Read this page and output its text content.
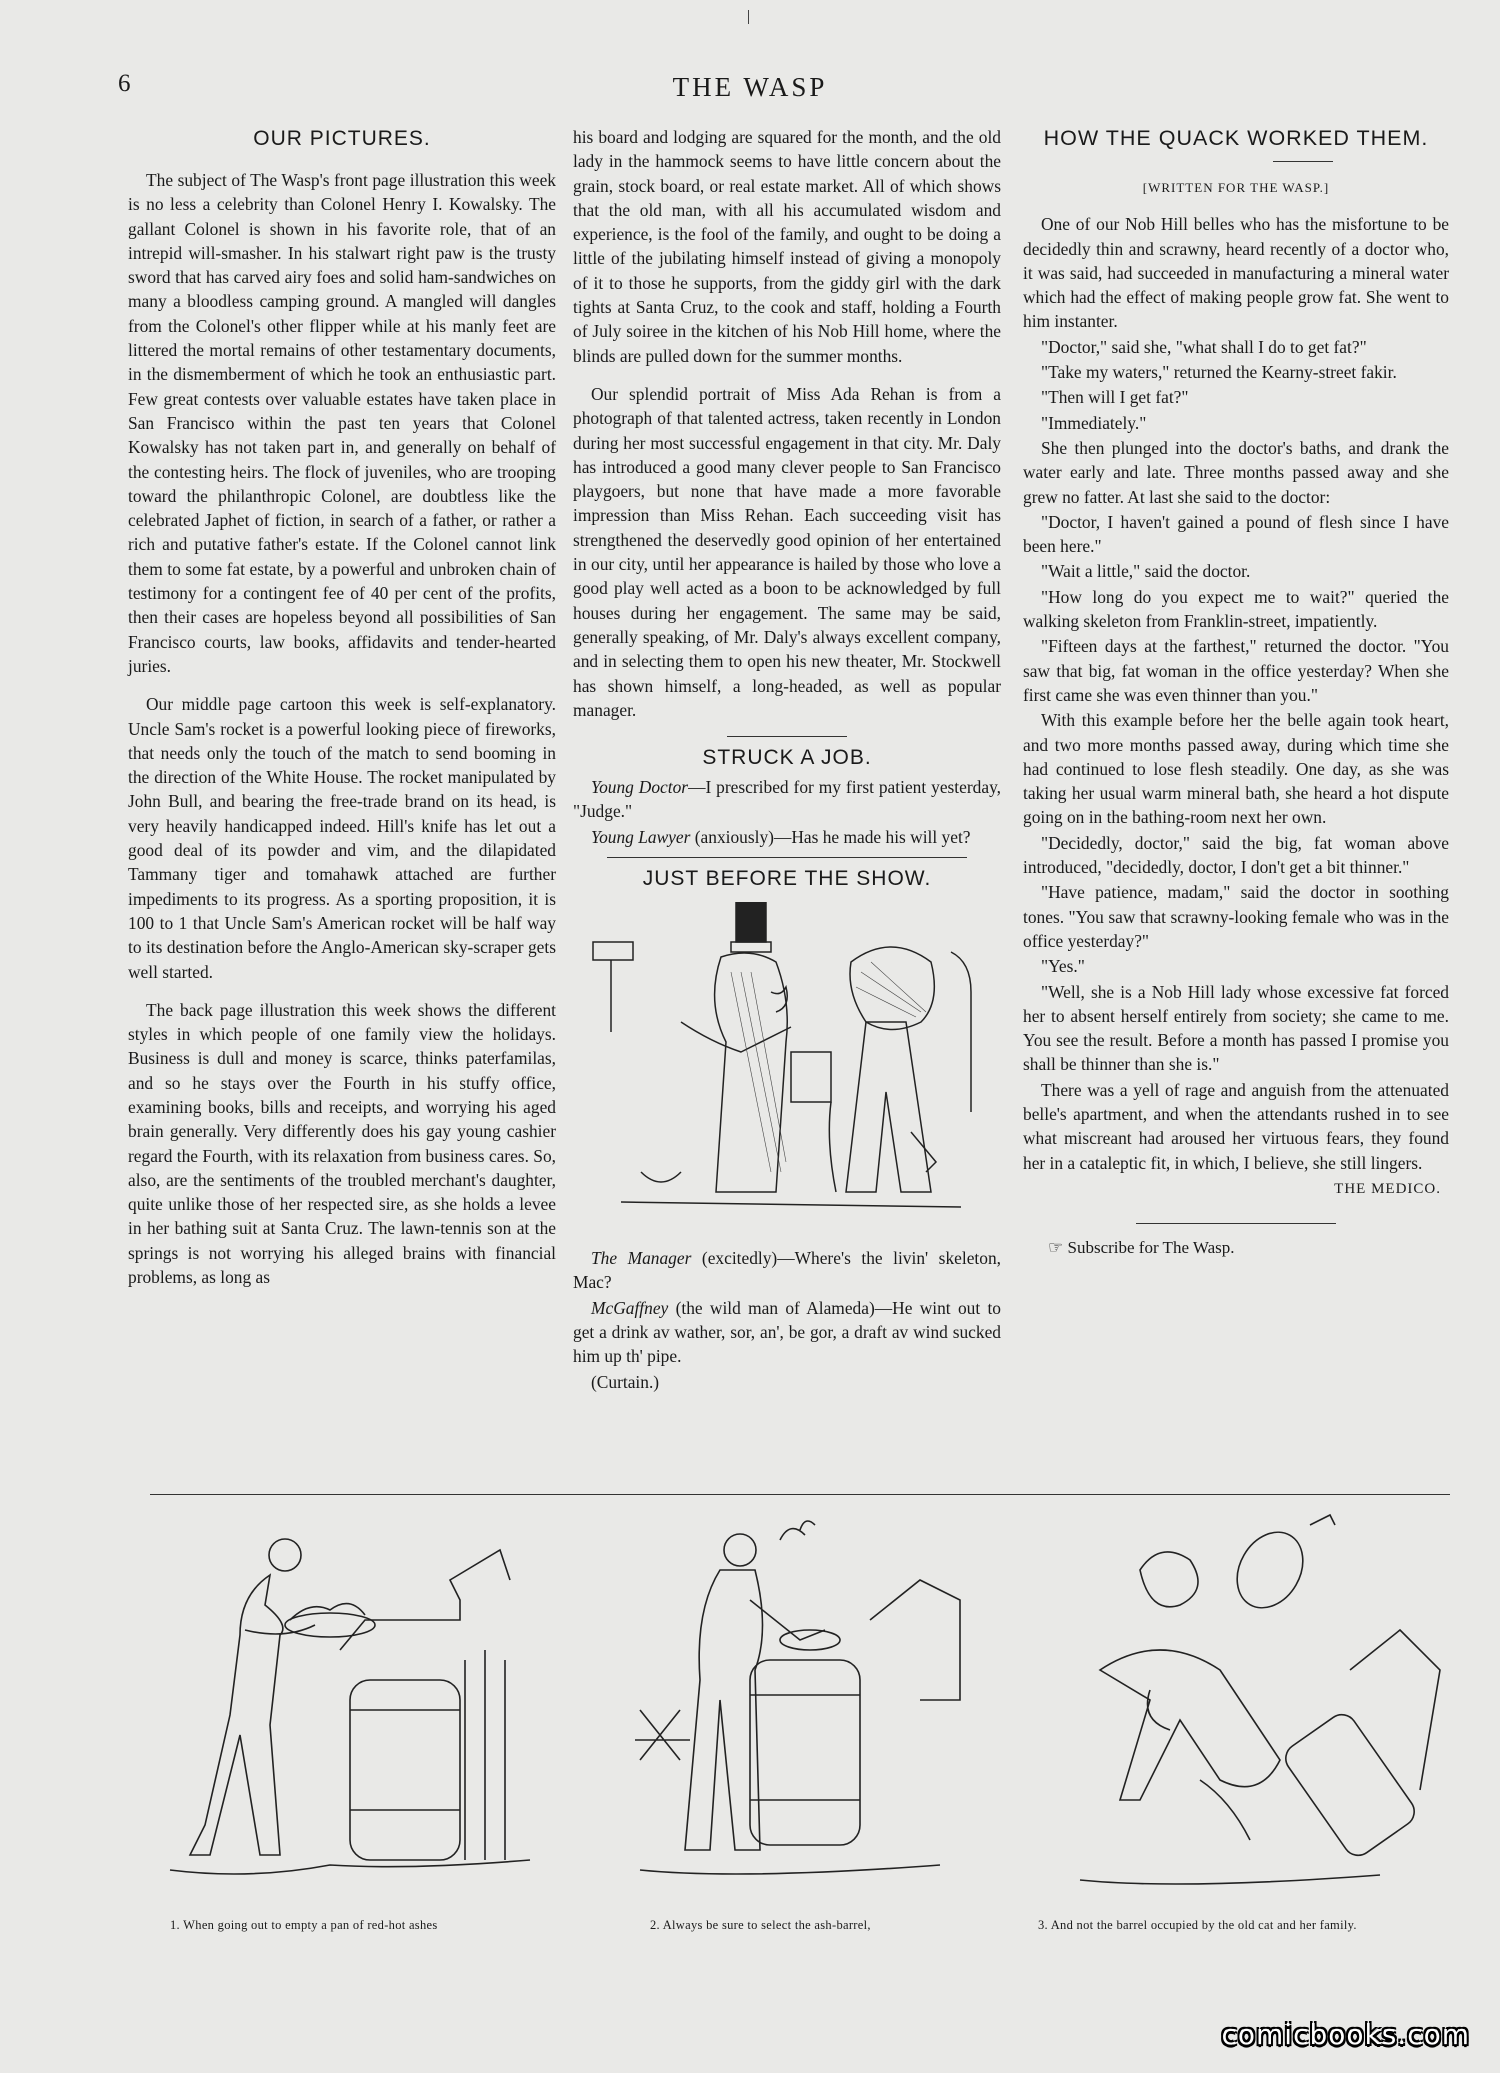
6	THE WASP
OUR PICTURES.

The subject of The Wasp's front page illustration this week is no less a celebrity than Colonel Henry I. Kowalsky. The gallant Colonel is shown in his favorite role, that of an intrepid will-smasher. In his stalwart right paw is the trusty sword that has carved airy foes and solid ham-sandwiches on many a bloodless camping ground. A mangled will dangles from the Colonel's other flipper while at his manly feet are littered the mortal remains of other testamentary documents, in the dismemberment of which he took an enthusiastic part. Few great contests over valuable estates have taken place in San Francisco within the past ten years that Colonel Kowalsky has not taken part in, and generally on behalf of the contesting heirs. The flock of juveniles, who are trooping toward the philanthropic Colonel, are doubtless like the celebrated Japhet of fiction, in search of a father, or rather a rich and putative father's estate. If the Colonel cannot link them to some fat estate, by a powerful and unbroken chain of testimony for a contingent fee of 40 per cent of the profits, then their cases are hopeless beyond all possibilities of San Francisco courts, law books, affidavits and tender-hearted juries.

Our middle page cartoon this week is self-explanatory. Uncle Sam's rocket is a powerful looking piece of fireworks, that needs only the touch of the match to send booming in the direction of the White House. The rocket manipulated by John Bull, and bearing the free-trade brand on its head, is very heavily handicapped indeed. Hill's knife has let out a good deal of its powder and vim, and the dilapidated Tammany tiger and tomahawk attached are further impediments to its progress. As a sporting proposition, it is 100 to 1 that Uncle Sam's American rocket will be half way to its destination before the Anglo-American sky-scraper gets well started.

The back page illustration this week shows the different styles in which people of one family view the holidays. Business is dull and money is scarce, thinks paterfamilas, and so he stays over the Fourth in his stuffy office, examining books, bills and receipts, and worrying his aged brain generally. Very differently does his gay young cashier regard the Fourth, with its relaxation from business cares. So, also, are the sentiments of the troubled merchant's daughter, quite unlike those of her respected sire, as she holds a levee in her bathing suit at Santa Cruz. The lawn-tennis son at the springs is not worrying his alleged brains with financial problems, as long as

his board and lodging are squared for the month, and the old lady in the hammock seems to have little concern about the grain, stock board, or real estate market. All of which shows that the old man, with all his accumulated wisdom and experience, is the fool of the family, and ought to be doing a little of the jubilating himself instead of giving a monopoly of it to those he supports, from the giddy girl with the dark tights at Santa Cruz, to the cook and staff, holding a Fourth of July soiree in the kitchen of his Nob Hill home, where the blinds are pulled down for the summer months.

Our splendid portrait of Miss Ada Rehan is from a photograph of that talented actress, taken recently in London during her most successful engagement in that city. Mr. Daly has introduced a good many clever people to San Francisco playgoers, but none that have made a more favorable impression than Miss Rehan. Each succeeding visit has strengthened the deservedly good opinion of her entertained in our city, until her appearance is hailed by those who love a good play well acted as a boon to be acknowledged by full houses during her engagement. The same may be said, generally speaking, of Mr. Daly's always excellent company, and in selecting them to open his new theater, Mr. Stockwell has shown himself, a long-headed, as well as popular manager.

STRUCK A JOB.

Young Doctor—I prescribed for my first patient yesterday, "Judge."

Young Lawyer (anxiously)—Has he made his will yet?

JUST BEFORE THE SHOW.

The Manager (excitedly)—Where's the livin' skeleton, Mac?

McGaffney (the wild man of Alameda)—He wint out to get a drink av wather, sor, an', be gor, a draft av wind sucked him up th' pipe.

(Curtain.)

HOW THE QUACK WORKED THEM.
[WRITTEN FOR THE WASP.]

One of our Nob Hill belles who has the misfortune to be decidedly thin and scrawny, heard recently of a doctor who, it was said, had succeeded in manufacturing a mineral water which had the effect of making people grow fat. She went to him instanter.

"Doctor," said she, "what shall I do to get fat?"

"Take my waters," returned the Kearny-street fakir.

"Then will I get fat?"

"Immediately."

She then plunged into the doctor's baths, and drank the water early and late. Three months passed away and she grew no fatter. At last she said to the doctor:

"Doctor, I haven't gained a pound of flesh since I have been here."

"Wait a little," said the doctor.

"How long do you expect me to wait?" queried the walking skeleton from Franklin-street, impatiently.

"Fifteen days at the farthest," returned the doctor. "You saw that big, fat woman in the office yesterday? When she first came she was even thinner than you."

With this example before her the belle again took heart, and two more months passed away, during which time she had continued to lose flesh steadily. One day, as she was taking her usual warm mineral bath, she heard a hot dispute going on in the bathing-room next her own.

"Decidedly, doctor," said the big, fat woman above introduced, "decidedly, doctor, I don't get a bit thinner."

"Have patience, madam," said the doctor in soothing tones. "You saw that scrawny-looking female who was in the office yesterday?"

"Yes."

"Well, she is a Nob Hill lady whose excessive fat forced her to absent herself entirely from society; she came to me. You see the result. Before a month has passed I promise you shall be thinner than she is."

There was a yell of rage and anguish from the attenuated belle's apartment, and when the attendants rushed in to see what miscreant had aroused her virtuous fears, they found her in a cataleptic fit, in which, I believe, she still lingers.

THE MEDICO.
☞ Subscribe for The Wasp.
1. When going out to empty a pan of red-hot ashes	2. Always be sure to select the ash-barrel,	3. And not the barrel occupied by the old cat and her family.
comicbooks.com
